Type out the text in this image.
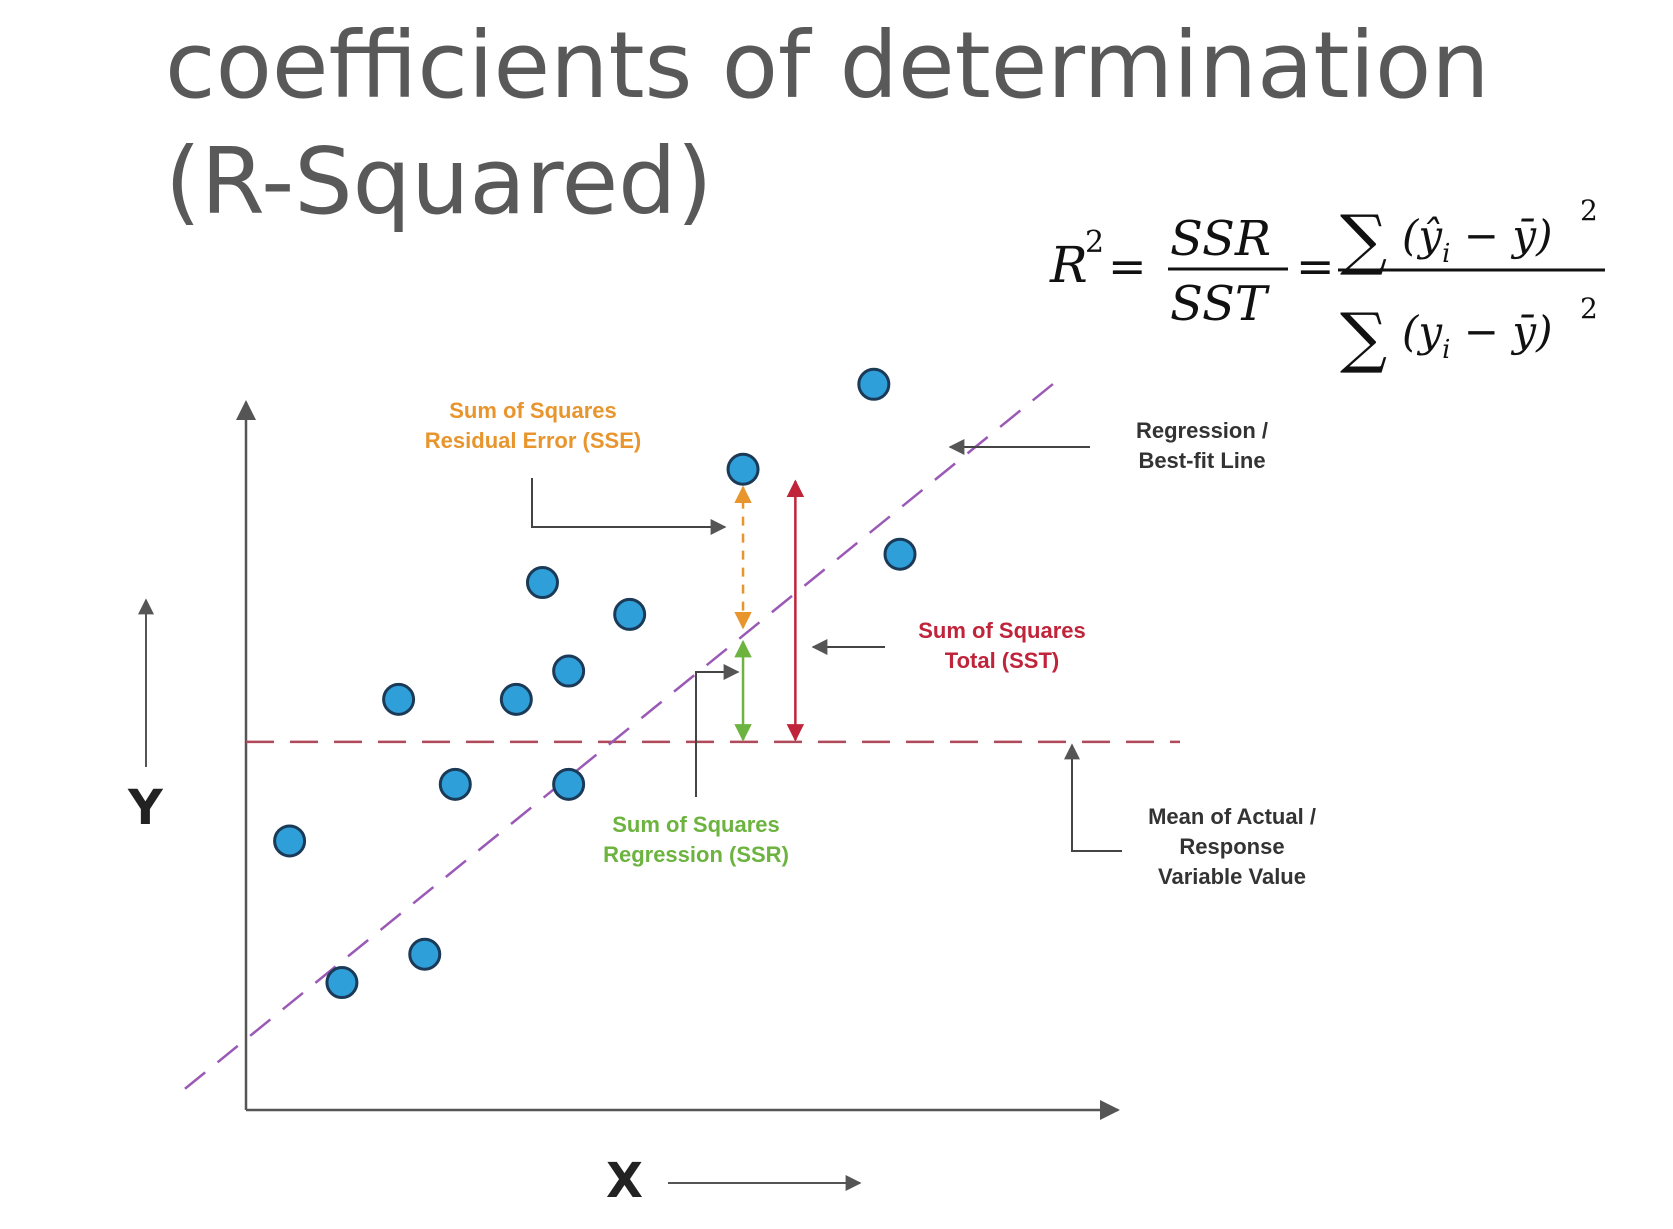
coefficients of determination
(R-Squared)
R
2 = SSR
SST
= ∑ ($ŷ_i$ − ȳ)
2
∑ ($y_i$ − ȳ) 2
Y
X
Sum of Squares
Residual Error (SSE)
Sum of Squares
Total (SST)
Sum of Squares
Regression (SSR)
Regression /
Best-fit Line
Mean of Actual /
Response
Variable Value
